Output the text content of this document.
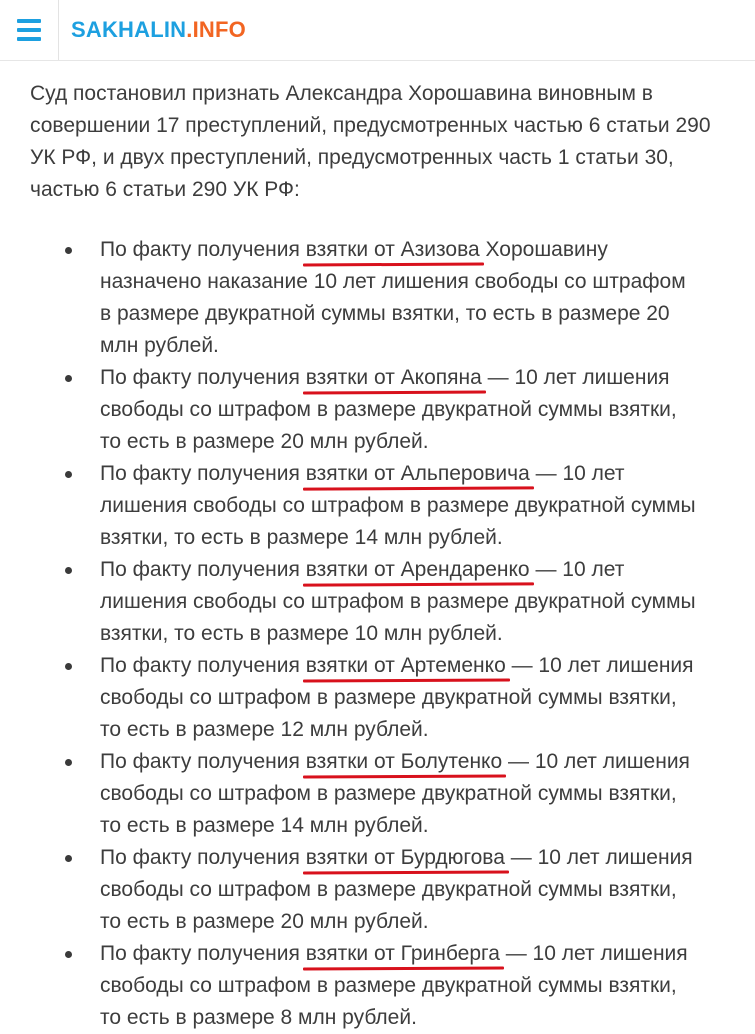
SAKHALIN.INFO

Суд постановил признать Александра Хорошавина виновным в совершении 17 преступлений, предусмотренных частью 6 статьи 290 УК РФ, и двух преступлений, предусмотренных часть 1 статьи 30, частью 6 статьи 290 УК РФ:

По факту получения взятки от Азизова Хорошавину назначено наказание 10 лет лишения свободы со штрафом в размере двукратной суммы взятки, то есть в размере 20 млн рублей.
По факту получения взятки от Акопяна — 10 лет лишения свободы со штрафом в размере двукратной суммы взятки, то есть в размере 20 млн рублей.
По факту получения взятки от Альперовича — 10 лет лишения свободы со штрафом в размере двукратной суммы взятки, то есть в размере 14 млн рублей.
По факту получения взятки от Арендаренко — 10 лет лишения свободы со штрафом в размере двукратной суммы взятки, то есть в размере 10 млн рублей.
По факту получения взятки от Артеменко — 10 лет лишения свободы со штрафом в размере двукратной суммы взятки, то есть в размере 12 млн рублей.
По факту получения взятки от Болутенко — 10 лет лишения свободы со штрафом в размере двукратной суммы взятки, то есть в размере 14 млн рублей.
По факту получения взятки от Бурдюгова — 10 лет лишения свободы со штрафом в размере двукратной суммы взятки, то есть в размере 20 млн рублей.
По факту получения взятки от Гринберга — 10 лет лишения свободы со штрафом в размере двукратной суммы взятки, то есть в размере 8 млн рублей.
